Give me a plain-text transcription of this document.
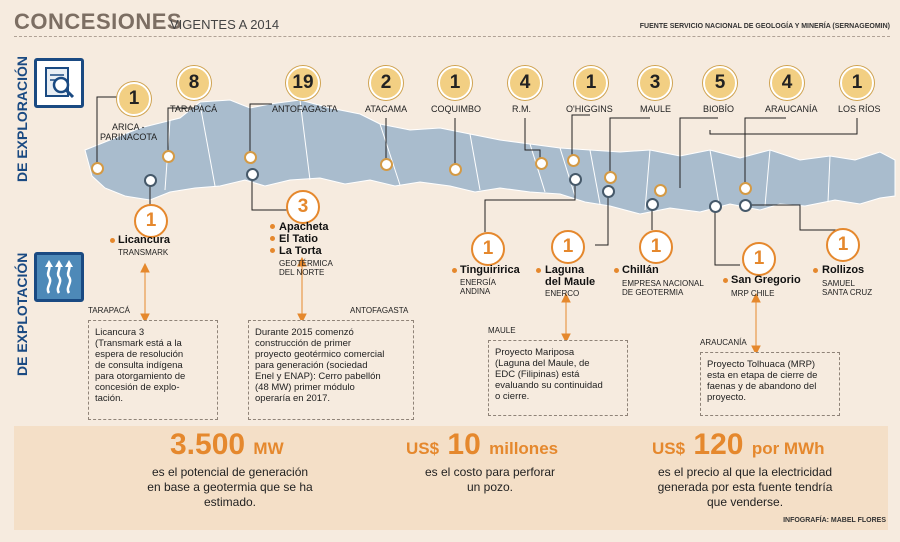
CONCESIONES
VIGENTES A 2014	FUENTE SERVICIO NACIONAL DE GEOLOGÍA Y MINERÍA (SERNAGEOMIN)
DE EXPLORACIÓN
DE EXPLOTACIÓN
1
ARICA -
PARINACOTA
8
TARAPACÁ
19
ANTOFAGASTA
2
ATACAMA
1
COQUIMBO
4
R.M.
1
O'HIGGINS
3
MAULE
5
BIOBÍO
4
ARAUCANÍA
1
LOS RÍOS
1
Licancura
TRANSMARK
3
Apacheta
El Tatio
La Torta
GEOTÉRMICA
DEL NORTE
1
Tinguiririca
ENERGÍA
ANDINA
1
Laguna
del Maule
ENERCO
1
Chillán
EMPRESA NACIONAL
DE GEOTERMIA
1
San Gregorio
MRP CHILE
1
Rollizos
SAMUEL
SANTA CRUZ
TARAPACÁ
Licancura 3
(Transmark está a la
espera de resolución
de consulta indígena
para otorgamiento de
concesión de explo-
tación.
ANTOFAGASTA
Durante 2015 comenzó
construcción de primer
proyecto geotérmico comercial
para generación (sociedad
Enel y ENAP): Cerro pabellón
(48 MW) primer módulo
operaría en 2017.
MAULE
Proyecto Mariposa
(Laguna del Maule, de
EDC (Filipinas) está
evaluando su continuidad
o cierre.
ARAUCANÍA
Proyecto Tolhuaca (MRP)
esta en etapa de cierre de
faenas y de abandono del
proyecto.
3.500 MW
es el potencial de generación
en base a geotermia que se ha
estimado.
US$ 10 millones
es el costo para perforar
un pozo.
US$ 120 por MWh
es el precio al que la electricidad
generada por esta fuente tendría
que venderse.
INFOGRAFÍA: MABEL FLORES
